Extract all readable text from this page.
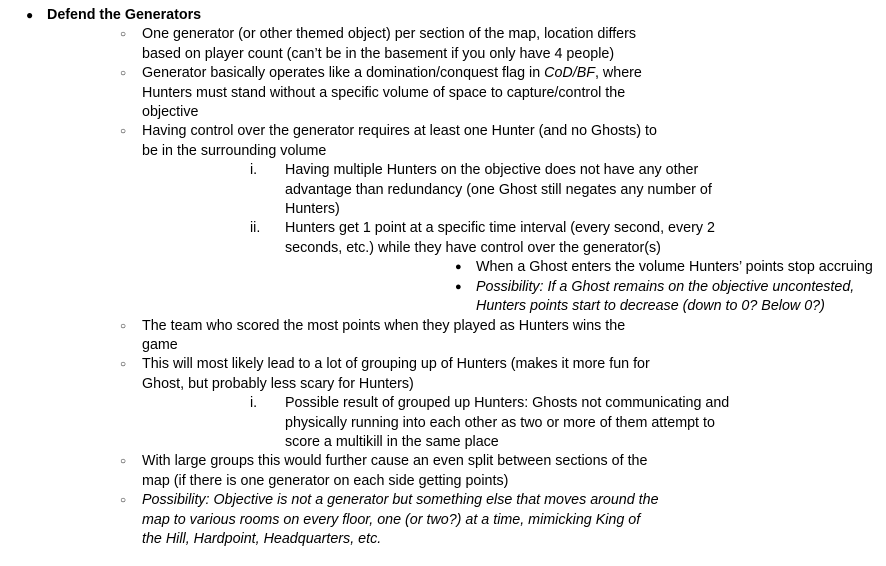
● Defend the Generators
○ One generator (or other themed object) per section of the map, location differs based on player count (can’t be in the basement if you only have 4 people)
○ Generator basically operates like a domination/conquest flag in CoD/BF, where Hunters must stand without a specific volume of space to capture/control the objective
○ Having control over the generator requires at least one Hunter (and no Ghosts) to be in the surrounding volume
i. Having multiple Hunters on the objective does not have any other advantage than redundancy (one Ghost still negates any number of Hunters)
ii. Hunters get 1 point at a specific time interval (every second, every 2 seconds, etc.) while they have control over the generator(s)
● When a Ghost enters the volume Hunters’ points stop accruing
● Possibility: If a Ghost remains on the objective uncontested, Hunters points start to decrease (down to 0? Below 0?)
○ The team who scored the most points when they played as Hunters wins the game
○ This will most likely lead to a lot of grouping up of Hunters (makes it more fun for Ghost, but probably less scary for Hunters)
i. Possible result of grouped up Hunters: Ghosts not communicating and physically running into each other as two or more of them attempt to score a multikill in the same place
○ With large groups this would further cause an even split between sections of the map (if there is one generator on each side getting points)
○ Possibility: Objective is not a generator but something else that moves around the map to various rooms on every floor, one (or two?) at a time, mimicking King of the Hill, Hardpoint, Headquarters, etc.
